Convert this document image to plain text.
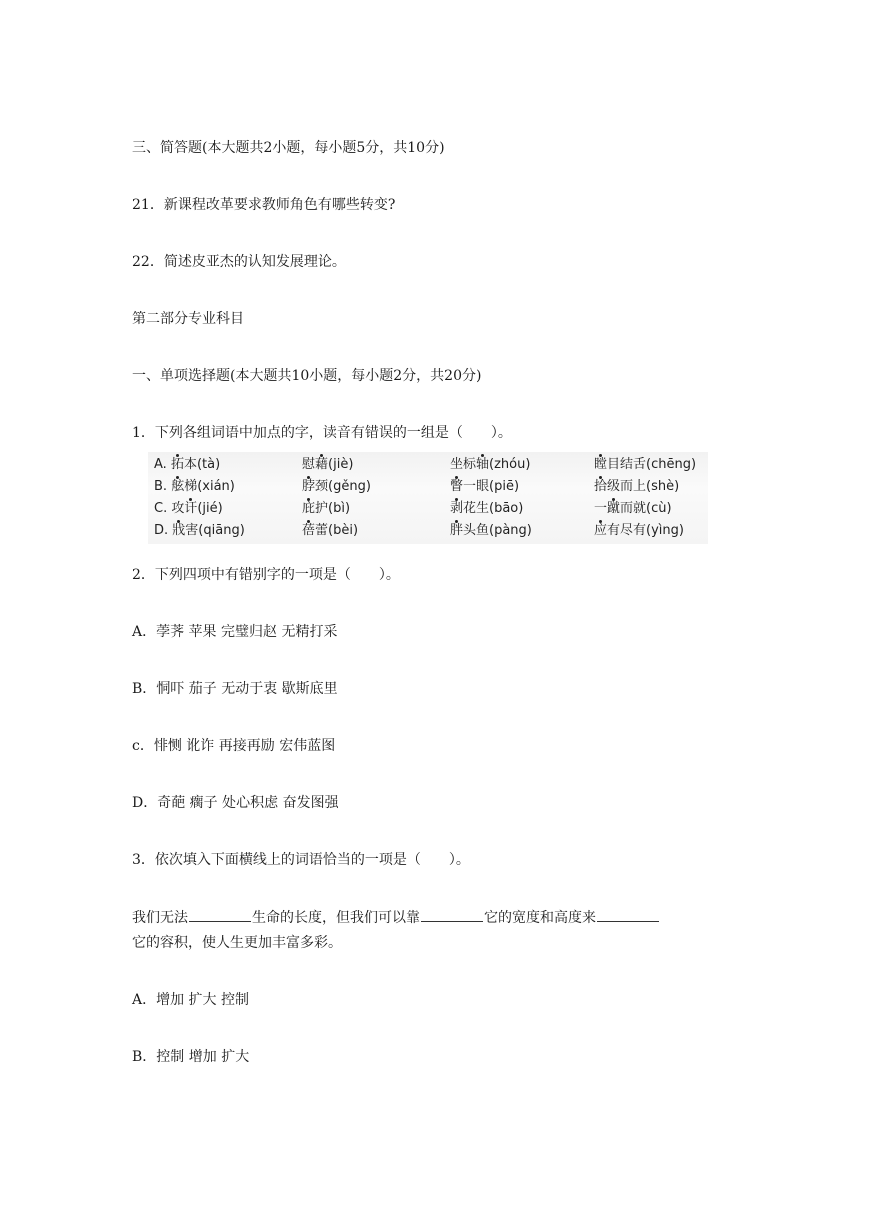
三、简答题(本大题共2小题，每小题5分，共10分)
21．新课程改革要求教师角色有哪些转变?
22．简述皮亚杰的认知发展理论。
第二部分专业科目
一、单项选择题(本大题共10小题，每小题2分，共20分)
1．下列各组词语中加点的字，读音有错误的一组是（　　）。
A. 拓本(tà)	慰藉(jiè)	坐标轴(zhóu)	瞠目结舌(chēng)
B. 舷梯(xián)	脖颈(gěng)	瞥一眼(piē)	拾级而上(shè)
C. 攻讦(jié)	庇护(bì)	剥花生(bāo)	一蹴而就(cù)
D. 戕害(qiāng)	蓓蕾(bèi)	胖头鱼(pàng)	应有尽有(yìng)
2．下列四项中有错别字的一项是（　　）。
A．荸荠 苹果 完璧归赵 无精打采
B．恫吓 茄子 无动于衷 歇斯底里
c．悱恻 讹诈 再接再励 宏伟蓝图
D．奇葩 瘸子 处心积虑 奋发图强
3．依次填入下面横线上的词语恰当的一项是（　　）。
我们无法	生命的长度，但我们可以靠	它的宽度和高度来
它的容积，使人生更加丰富多彩。
A．增加 扩大 控制
B．控制 增加 扩大
